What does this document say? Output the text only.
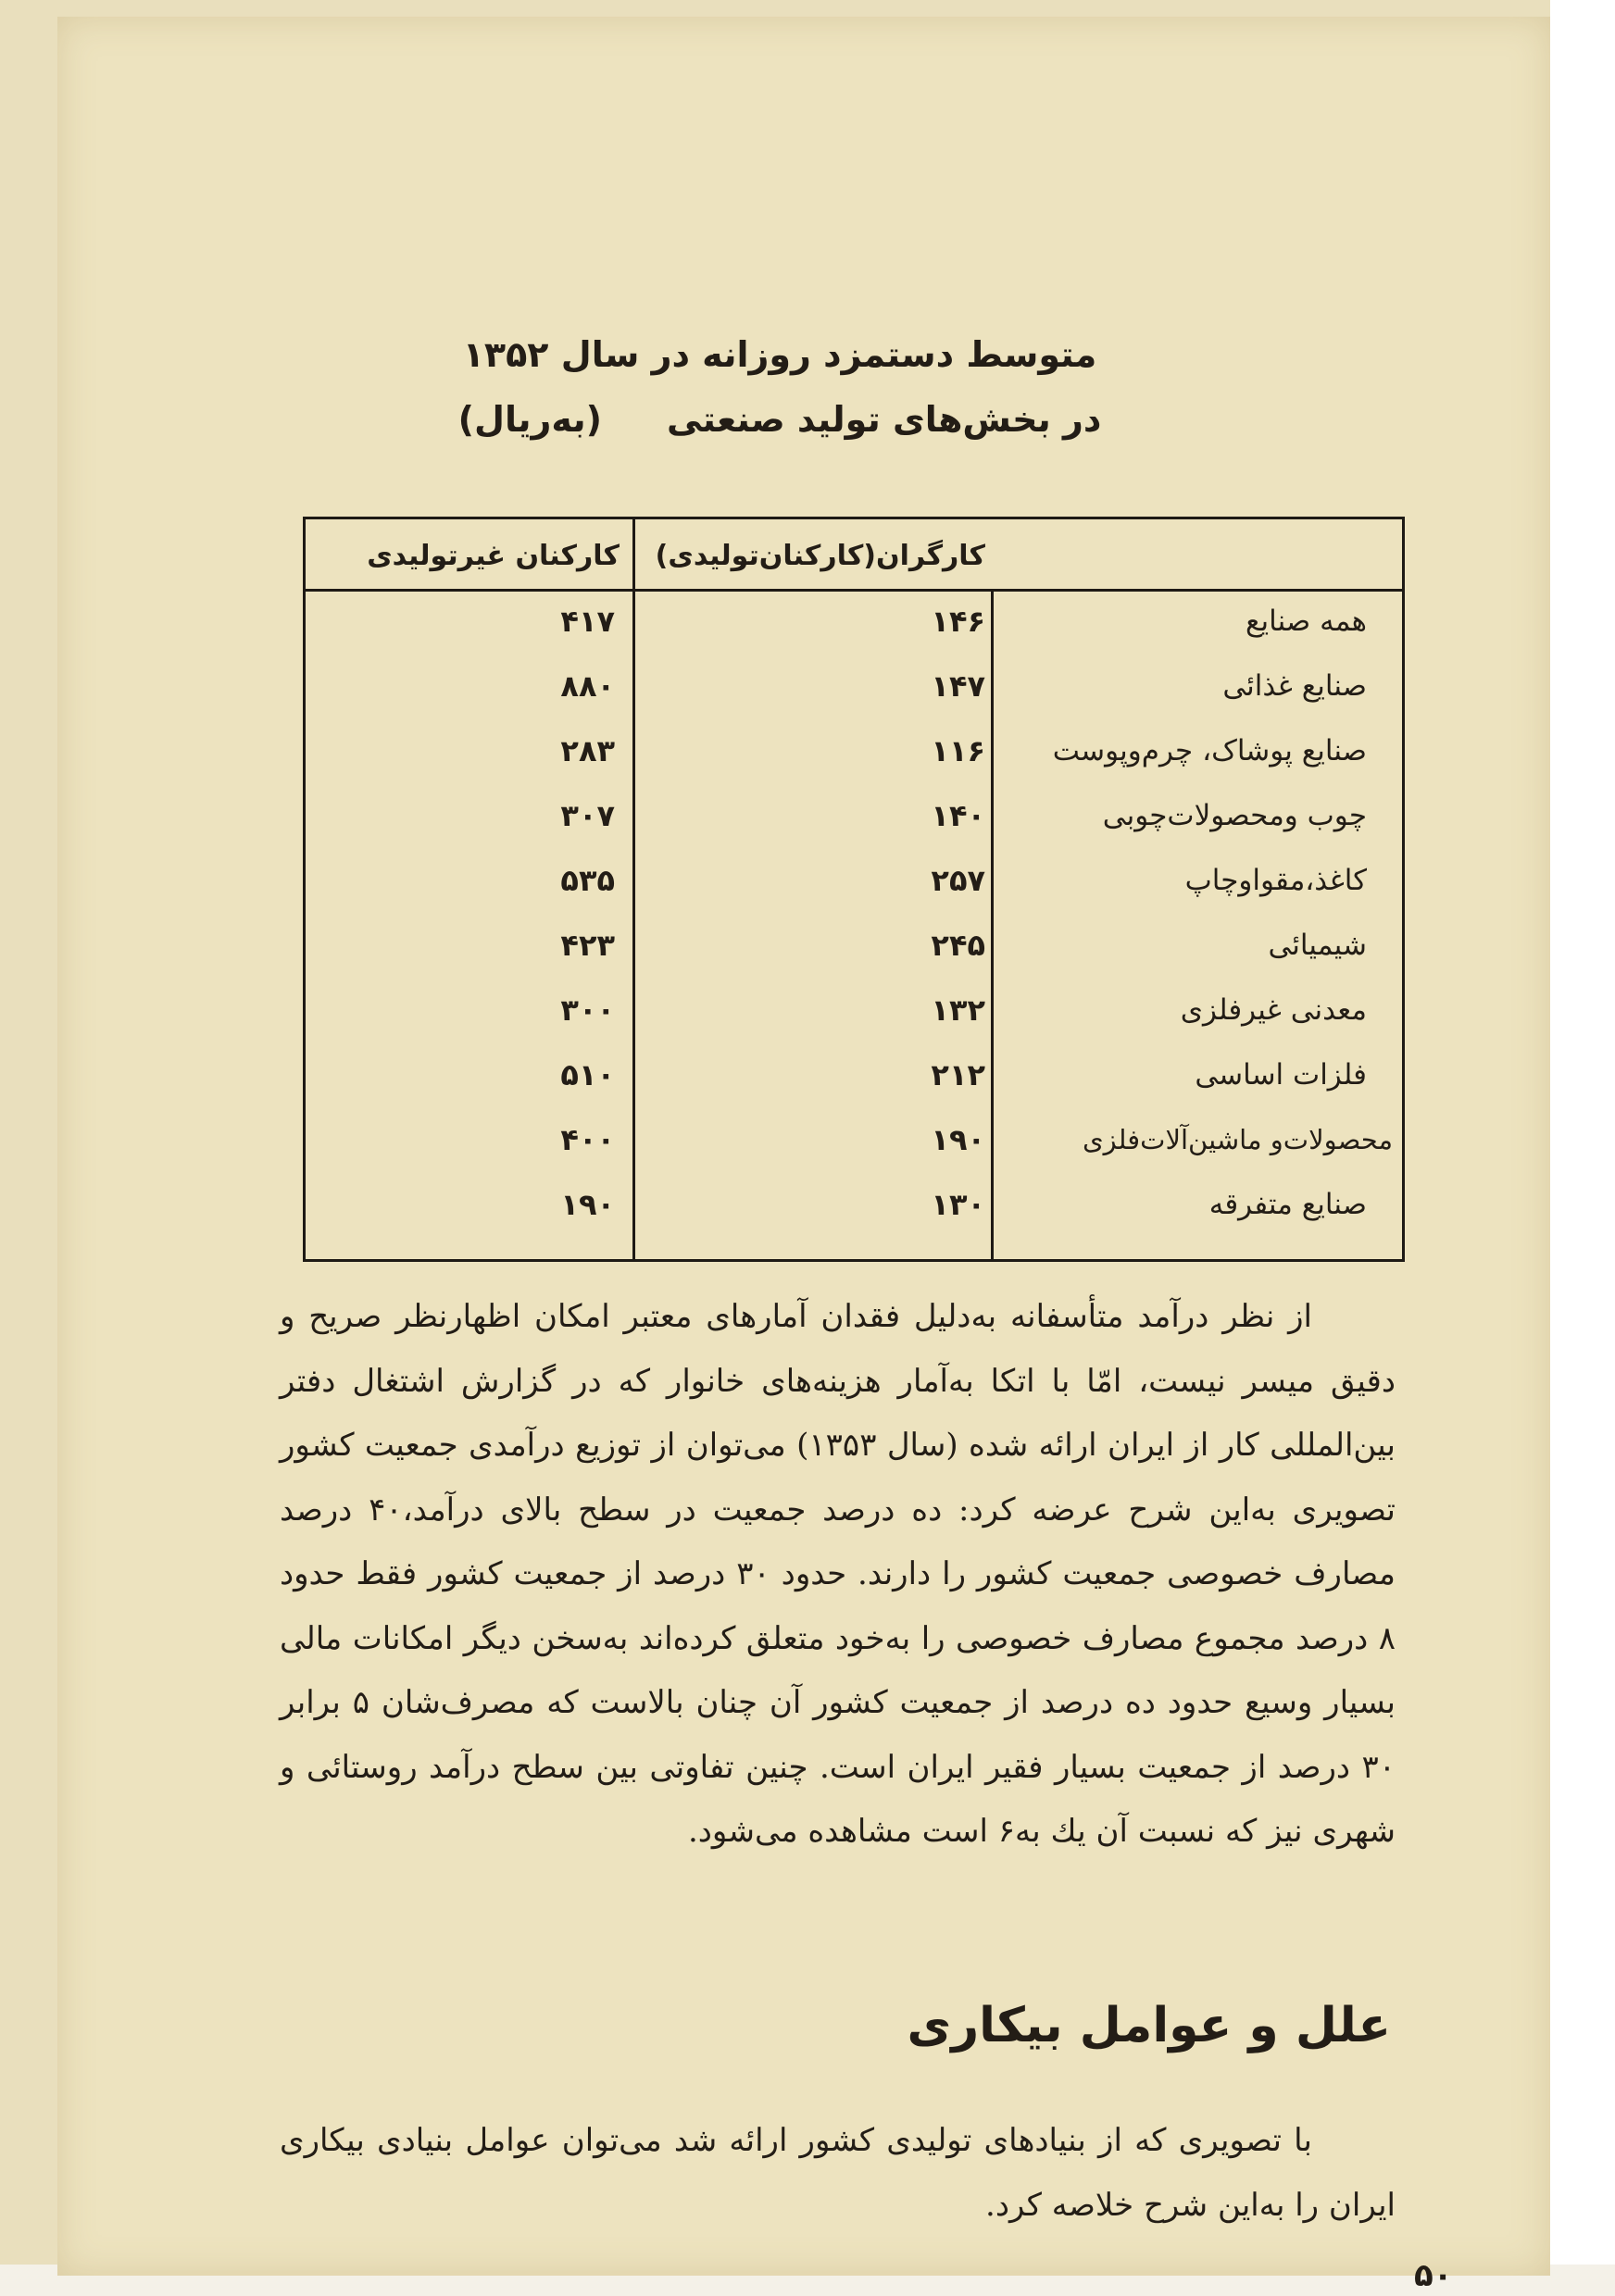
متوسط دستمزد روزانه در سال ۱۳۵۲
در بخش‌های تولید صنعتی(به‌ریال)
کارگران(کارکنان‌تولیدی)
کارکنان غیرتولیدی
همه صنایع
۱۴۶
۴۱۷
صنایع غذائی
۱۴۷
۸۸۰
صنایع پوشاک، چرم‌وپوست
۱۱۶
۲۸۳
چوب ومحصولات‌چوبی
۱۴۰
۳۰۷
کاغذ،مقواوچاپ
۲۵۷
۵۳۵
شیمیائی
۲۴۵
۴۲۳
معدنی غیرفلزی
۱۳۲
۳۰۰
فلزات اساسی
۲۱۲
۵۱۰
محصولات‌و ماشین‌آلات‌فلزی
۱۹۰
۴۰۰
صنایع متفرقه
۱۳۰
۱۹۰

از نظر درآمد متأسفانه به‌دلیل فقدان آمارهای معتبر امکان اظهارنظر صریح و دقیق میسر نیست، امّا با اتکا به‌آمار هزینه‌های خانوار که در گزارش اشتغال دفتر بین‌المللی کار از ایران ارائه شده (سال ۱۳۵۳) می‌توان از توزیع درآمدی جمعیت کشور تصویری به‌این شرح عرضه کرد: ده درصد جمعیت در سطح بالای درآمد،۴۰ درصد مصارف خصوصی جمعیت کشور را دارند. حدود ۳۰ درصد از جمعیت کشور فقط حدود ۸ درصد مجموع مصارف خصوصی را به‌خود متعلق کرده‌اند به‌سخن دیگر امکانات مالی بسیار وسیع حدود ده درصد از جمعیت کشور آن چنان بالاست که مصرف‌شان ۵ برابر ۳۰ درصد از جمعیت بسیار فقیر ایران است. چنین تفاوتی بین سطح درآمد روستائی و شهری نیز که نسبت آن یك به۶ است مشاهده می‌شود.

علل و عوامل بیکاری

با تصویری که از بنیادهای تولیدی کشور ارائه شد می‌توان عوامل بنیادی بیکاری ایران را به‌این شرح خلاصه کرد.

۵۰
